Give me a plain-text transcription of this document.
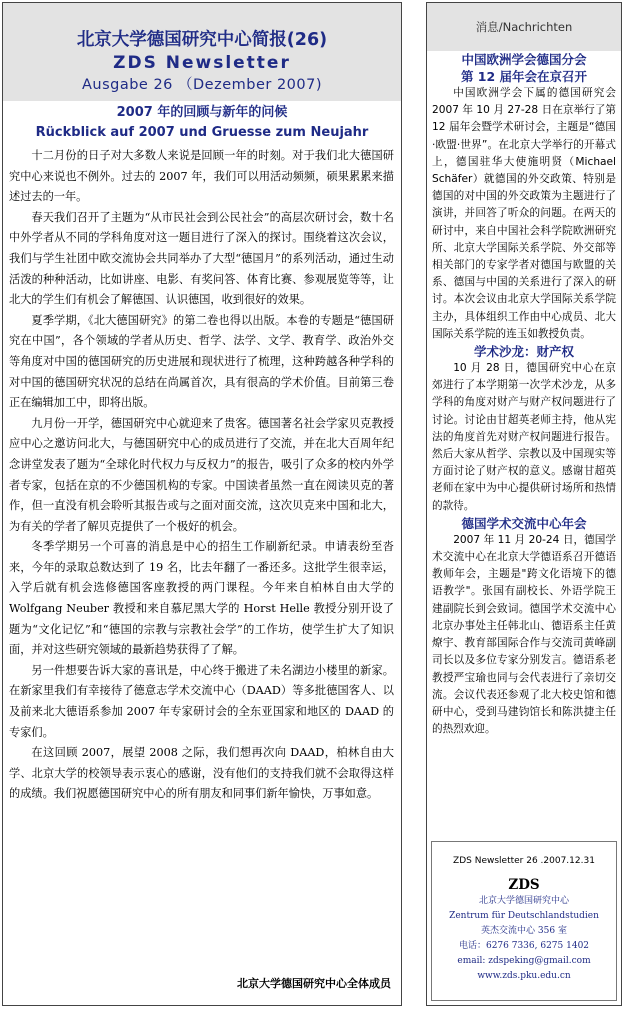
北京大学德国研究中心简报(26)
ZDS Newsletter
Ausgabe 26 （Dezember 2007)
2007 年的回顾与新年的问候
Rückblick auf 2007 und Gruesse zum Neujahr

十二月份的日子对大多数人来说是回顾一年的时刻。对于我们北大德国研究中心来说也不例外。过去的 2007 年，我们可以用活动频频，硕果累累来描述过去的一年。

春天我们召开了主题为“从市民社会到公民社会”的高层次研讨会，数十名中外学者从不同的学科角度对这一题目进行了深入的探讨。围绕着这次会议，我们与学生社团中欧交流协会共同举办了大型“德国月”的系列活动，通过生动活泼的种种活动，比如讲座、电影、有奖问答、体育比赛、参观展览等等，让北大的学生们有机会了解德国、认识德国，收到很好的效果。

夏季学期，《北大德国研究》的第二卷也得以出版。本卷的专题是“德国研究在中国”，各个领域的学者从历史、哲学、法学、文学、教育学、政治外交等角度对中国的德国研究的历史进展和现状进行了梳理，这种跨越各种学科的对中国的德国研究状况的总结在尚属首次，具有很高的学术价值。目前第三卷正在编辑加工中，即将出版。

九月份一开学，德国研究中心就迎来了贵客。德国著名社会学家贝克教授应中心之邀访问北大，与德国研究中心的成员进行了交流，并在北大百周年纪念讲堂发表了题为“全球化时代权力与反权力”的报告，吸引了众多的校内外学者专家，包括在京的不少德国机构的专家。中国读者虽然一直在阅读贝克的著作，但一直没有机会聆听其报告或与之面对面交流，这次贝克来中国和北大，为有关的学者了解贝克提供了一个极好的机会。

冬季学期另一个可喜的消息是中心的招生工作刷新纪录。申请表纷至沓来，今年的录取总数达到了 19 名，比去年翻了一番还多。这批学生很幸运，入学后就有机会选修德国客座教授的两门课程。今年来自柏林自由大学的 Wolfgang Neuber 教授和来自慕尼黑大学的 Horst Helle 教授分别开设了题为“文化记忆”和“德国的宗教与宗教社会学”的工作坊，使学生扩大了知识面，并对这些研究领域的最新趋势获得了了解。

另一件想要告诉大家的喜讯是，中心终于搬进了未名湖边小楼里的新家。在新家里我们有幸接待了德意志学术交流中心（DAAD）等多批德国客人、以及前来北大德语系参加 2007 年专家研讨会的全东亚国家和地区的 DAAD 的专家们。

在这回顾 2007，展望 2008 之际，我们想再次向 DAAD，柏林自由大学、北京大学的校领导表示衷心的感谢，没有他们的支持我们就不会取得这样的成绩。我们祝愿德国研究中心的所有朋友和同事们新年愉快，万事如意。

北京大学德国研究中心全体成员
消息/Nachrichten
中国欧洲学会德国分会
第 12 届年会在京召开

中国欧洲学会下属的德国研究会 2007 年 10 月 27-28 日在京举行了第 12 届年会暨学术研讨会，主题是“德国·欧盟·世界”。在北京大学举行的开幕式上，德国驻华大使施明贤（Michael Schäfer）就德国的外交政策、特别是德国的对中国的外交政策为主题进行了演讲，并回答了听众的问题。在两天的研讨中，来自中国社会科学院欧洲研究所、北京大学国际关系学院、外交部等相关部门的专家学者对德国与欧盟的关系、德国与中国的关系进行了深入的研讨。本次会议由北京大学国际关系学院主办，具体组织工作由中心成员、北大国际关系学院的连玉如教授负责。

学术沙龙：财产权

10 月 28 日，德国研究中心在京郊进行了本学期第一次学术沙龙，从多学科的角度对财产与财产权问题进行了讨论。讨论由甘超英老师主持，他从宪法的角度首先对财产权问题进行报告。然后大家从哲学、宗教以及中国现实等方面讨论了财产权的意义。感谢甘超英老师在家中为中心提供研讨场所和热情的款待。

德国学术交流中心年会

2007 年 11 月 20-24 日，德国学术交流中心在北京大学德语系召开德语教师年会，主题是"跨文化语境下的德语教学"。张国有副校长、外语学院王建副院长到会致词。德国学术交流中心北京办事处主任韩北山、德语系主任黄燎宇、教育部国际合作与交流司黄峰副司长以及多位专家分别发言。德语系老教授严宝瑜也同与会代表进行了亲切交流。会议代表还参观了北大校史馆和德研中心，受到马建钧馆长和陈洪捷主任的热烈欢迎。

ZDS Newsletter 26 .2007.12.31
ZDS
北京大学德国研究中心
Zentrum für Deutschlandstudien
英杰交流中心 356 室
电话：6276 7336, 6275 1402
email: zdspeking@gmail.com
www.zds.pku.edu.cn
